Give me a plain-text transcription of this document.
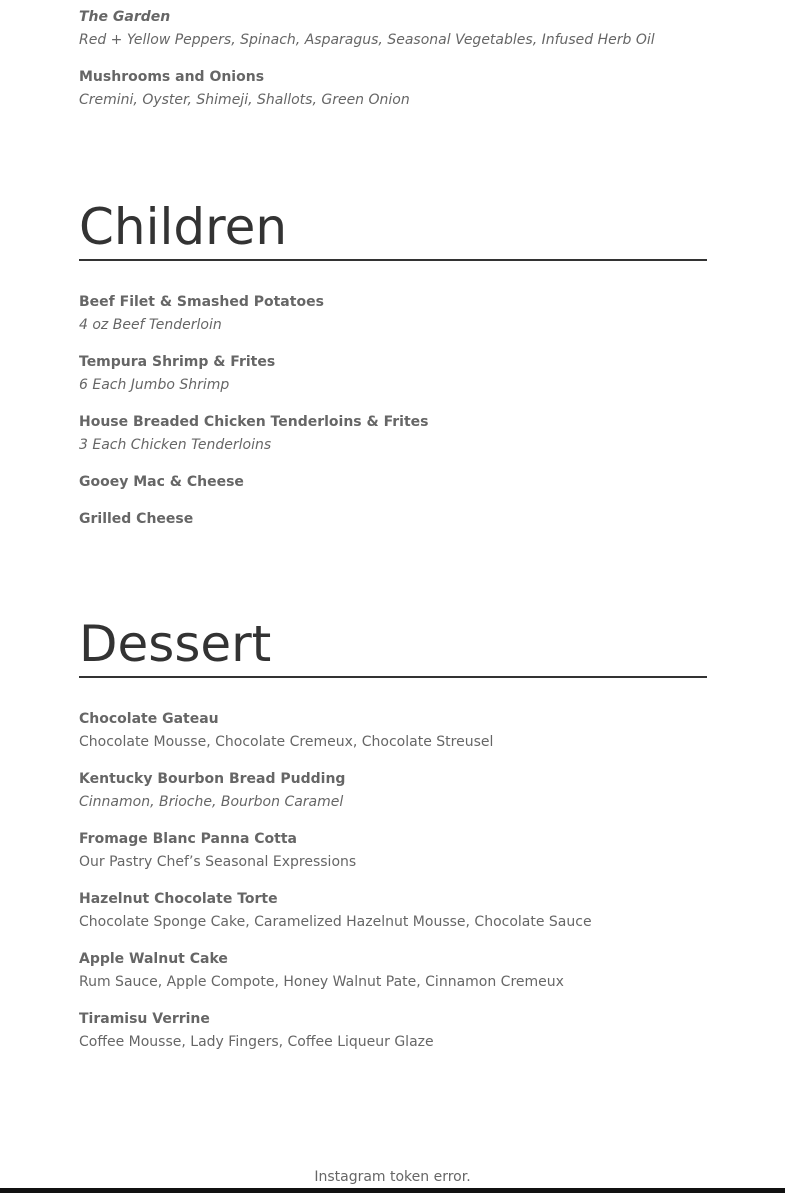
The Garden

Red + Yellow Peppers, Spinach, Asparagus, Seasonal Vegetables, Infused Herb Oil

Mushrooms and Onions

Cremini, Oyster, Shimeji, Shallots, Green Onion

Children

Beef Filet & Smashed Potatoes

4 oz Beef Tenderloin

Tempura Shrimp & Frites

6 Each Jumbo Shrimp

House Breaded Chicken Tenderloins & Frites

3 Each Chicken Tenderloins

Gooey Mac & Cheese

Grilled Cheese

Dessert

Chocolate Gateau

Chocolate Mousse, Chocolate Cremeux, Chocolate Streusel

Kentucky Bourbon Bread Pudding

Cinnamon, Brioche, Bourbon Caramel

Fromage Blanc Panna Cotta

Our Pastry Chef’s Seasonal Expressions

Hazelnut Chocolate Torte

Chocolate Sponge Cake, Caramelized Hazelnut Mousse, Chocolate Sauce

Apple Walnut Cake

Rum Sauce, Apple Compote, Honey Walnut Pate, Cinnamon Cremeux

Tiramisu Verrine

Coffee Mousse, Lady Fingers, Coffee Liqueur Glaze

Instagram token error.
